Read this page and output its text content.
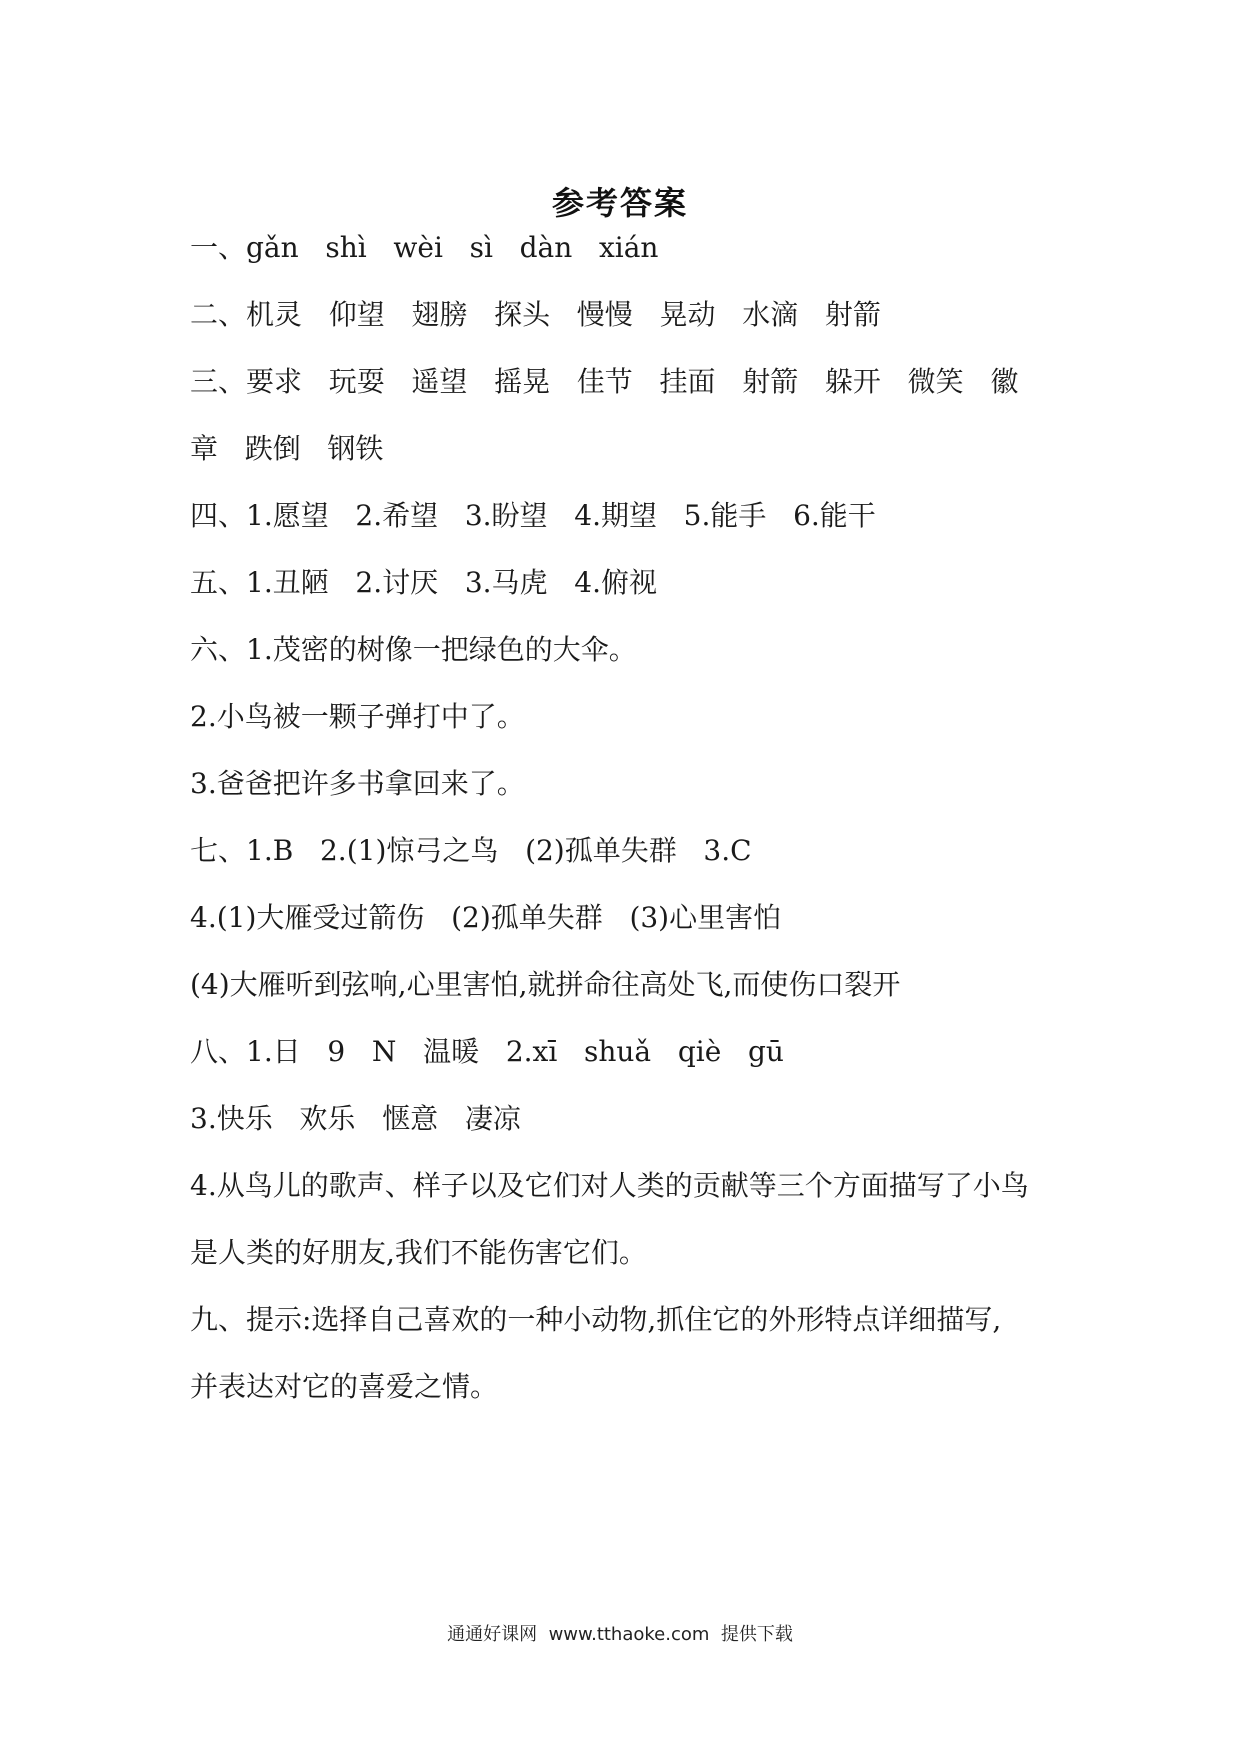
参考答案
一、gǎn   shì   wèi   sì   dàn   xián
二、机灵   仰望   翅膀   探头   慢慢   晃动   水滴   射箭
三、要求   玩耍   遥望   摇晃   佳节   挂面   射箭   躲开   微笑   徽
章   跌倒   钢铁
四、1.愿望   2.希望   3.盼望   4.期望   5.能手   6.能干
五、1.丑陋   2.讨厌   3.马虎   4.俯视
六、1.茂密的树像一把绿色的大伞。
2.小鸟被一颗子弹打中了。
3.爸爸把许多书拿回来了。
七、1.B   2.(1)惊弓之鸟   (2)孤单失群   3.C
4.(1)大雁受过箭伤   (2)孤单失群   (3)心里害怕
(4)大雁听到弦响,心里害怕,就拼命往高处飞,而使伤口裂开
八、1.日   9   N   温暖   2.xī   shuǎ   qiè   gū
3.快乐   欢乐   惬意   凄凉
4.从鸟儿的歌声、样子以及它们对人类的贡献等三个方面描写了小鸟
是人类的好朋友,我们不能伤害它们。
九、提示:选择自己喜欢的一种小动物,抓住它的外形特点详细描写,
并表达对它的喜爱之情。
通通好课网  www.tthaoke.com  提供下载
